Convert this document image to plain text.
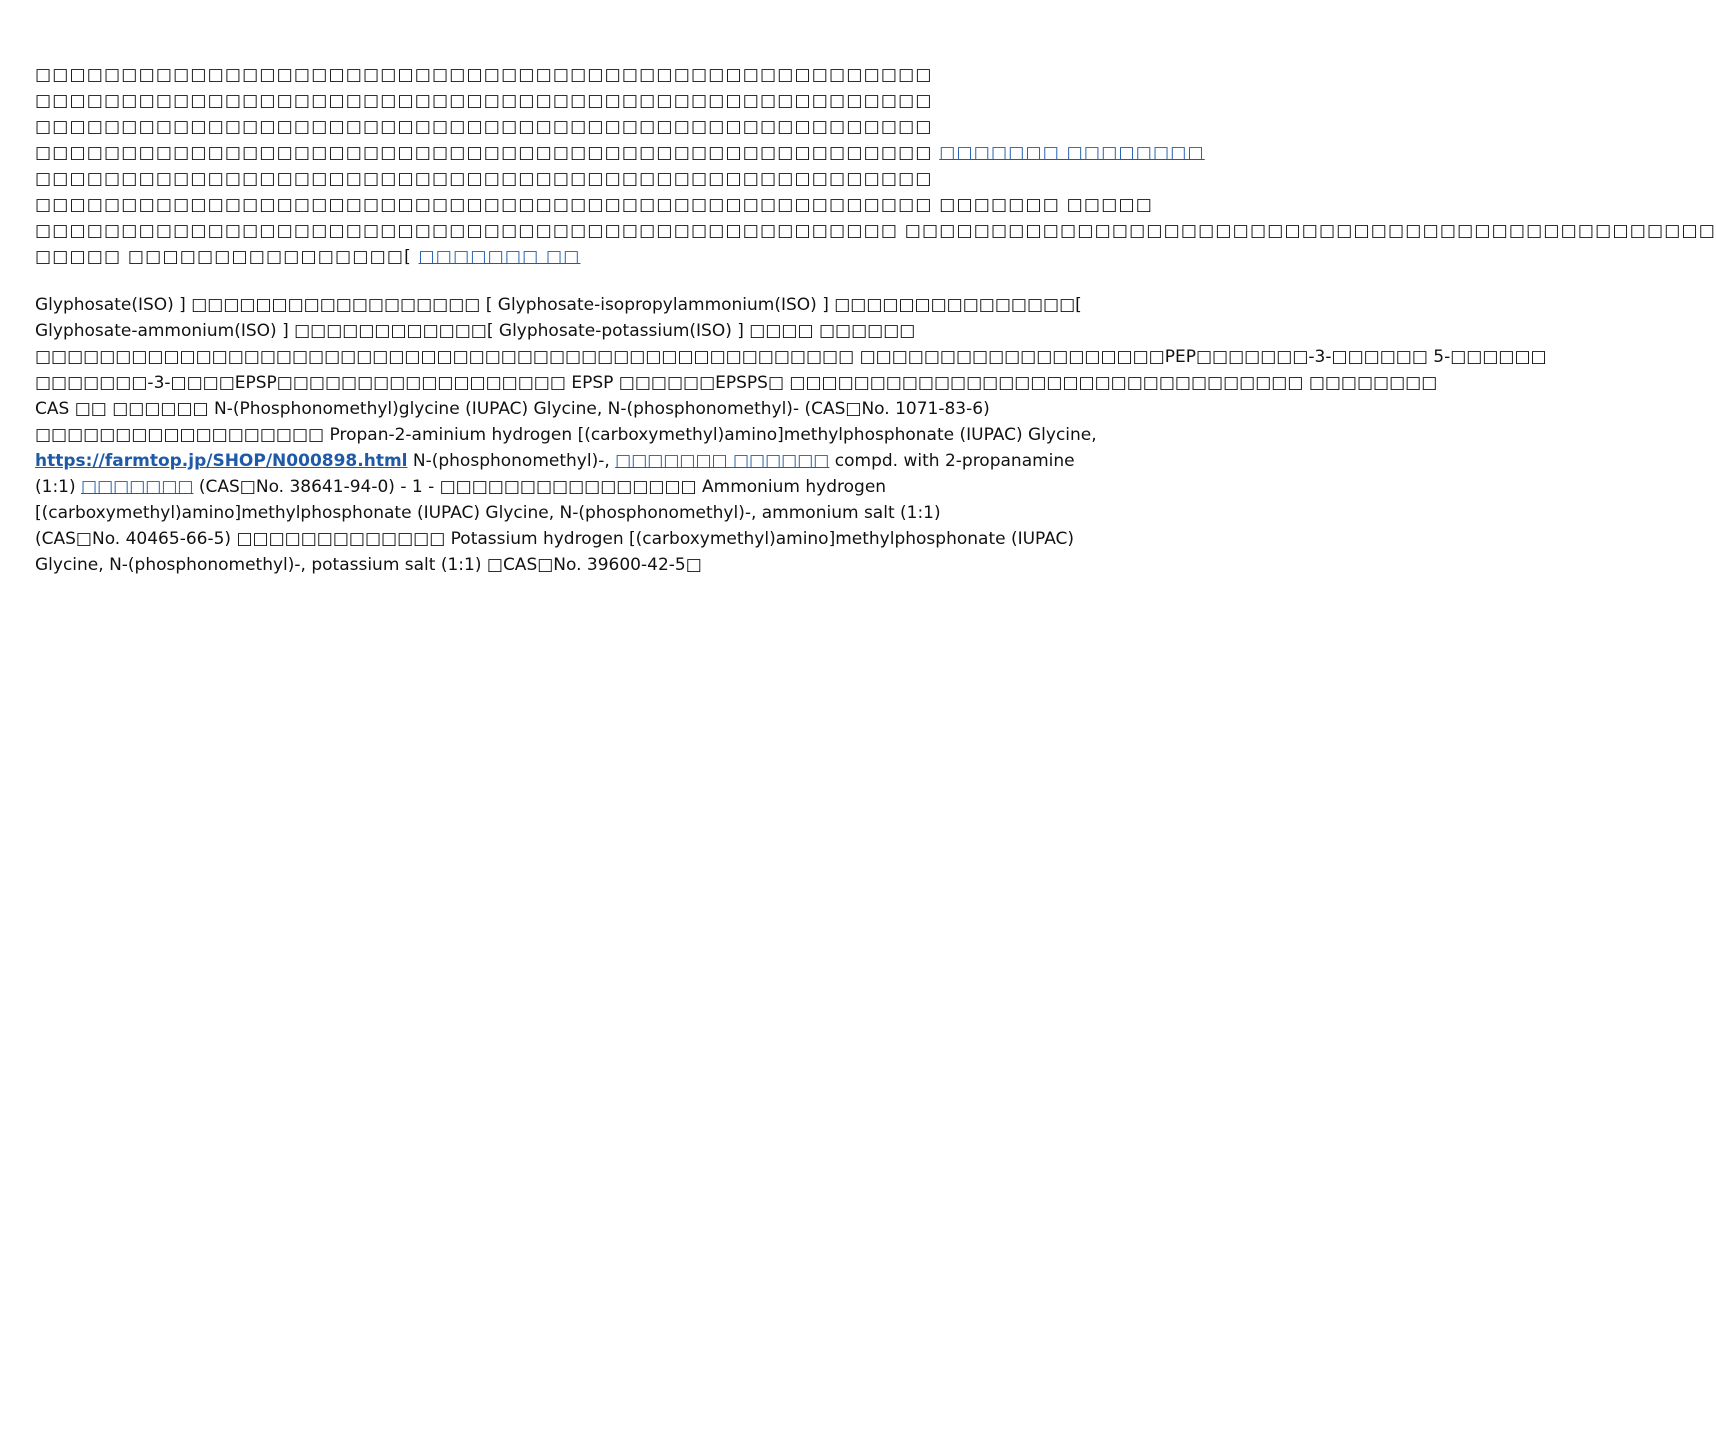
□□□□□□□□□□□□□□□□□□□□□□□□□□□□□□□□□□□□□□□□□□□□□□□□□□□□
□□□□□□□□□□□□□□□□□□□□□□□□□□□□□□□□□□□□□□□□□□□□□□□□□□□□
□□□□□□□□□□□□□□□□□□□□□□□□□□□□□□□□□□□□□□□□□□□□□□□□□□□□
□□□□□□□□□□□□□□□□□□□□□□□□□□□□□□□□□□□□□□□□□□□□□□□□□□□□ □□□□□□□ □□□□□□□□
□□□□□□□□□□□□□□□□□□□□□□□□□□□□□□□□□□□□□□□□□□□□□□□□□□□□
□□□□□□□□□□□□□□□□□□□□□□□□□□□□□□□□□□□□□□□□□□□□□□□□□□□□ □□□□□□□ □□□□□
□□□□□□□□□□□□□□□□□□□□□□□□□□□□□□□□□□□□□□□□□□□□□□□□□□ □□□□□□□□□□□□□□□□□□□□□□□□□□□□□□□□□□□□□□□□□□□□□□□
□□□□□ □□□□□□□□□□□□□□□□[ □□□□□□□ □□
Glyphosate(ISO) ] □□□□□□□□□□□□□□□□□□ [ Glyphosate-isopropylammonium(ISO) ] □□□□□□□□□□□□□□□[
Glyphosate-ammonium(ISO) ] □□□□□□□□□□□□[ Glyphosate-potassium(ISO) ] □□□□ □□□□□□
□□□□□□□□□□□□□□□□□□□□□□□□□□□□□□□□□□□□□□□□□□□□□□□□□□□ □□□□□□□□□□□□□□□□□□□PEP□□□□□□□-3-□□□□□□ 5-□□□□□□
□□□□□□□-3-□□□□EPSP□□□□□□□□□□□□□□□□□□ EPSP □□□□□□EPSPS□ □□□□□□□□□□□□□□□□□□□□□□□□□□□□□□□□ □□□□□□□□
CAS □□ □□□□□□ N-(Phosphonomethyl)glycine (IUPAC) Glycine, N-(phosphonomethyl)- (CAS□No. 1071-83-6)
□□□□□□□□□□□□□□□□□□ Propan-2-aminium hydrogen [(carboxymethyl)amino]methylphosphonate (IUPAC) Glycine,
https://farmtop.jp/SHOP/N000898.html N-(phosphonomethyl)-, □□□□□□□ □□□□□□ compd. with 2-propanamine
(1:1) □□□□□□□ (CAS□No. 38641-94-0) - 1 - □□□□□□□□□□□□□□□□ Ammonium hydrogen
[(carboxymethyl)amino]methylphosphonate (IUPAC) Glycine, N-(phosphonomethyl)-, ammonium salt (1:1)
(CAS□No. 40465-66-5) □□□□□□□□□□□□□ Potassium hydrogen [(carboxymethyl)amino]methylphosphonate (IUPAC)
Glycine, N-(phosphonomethyl)-, potassium salt (1:1) □CAS□No. 39600-42-5□
